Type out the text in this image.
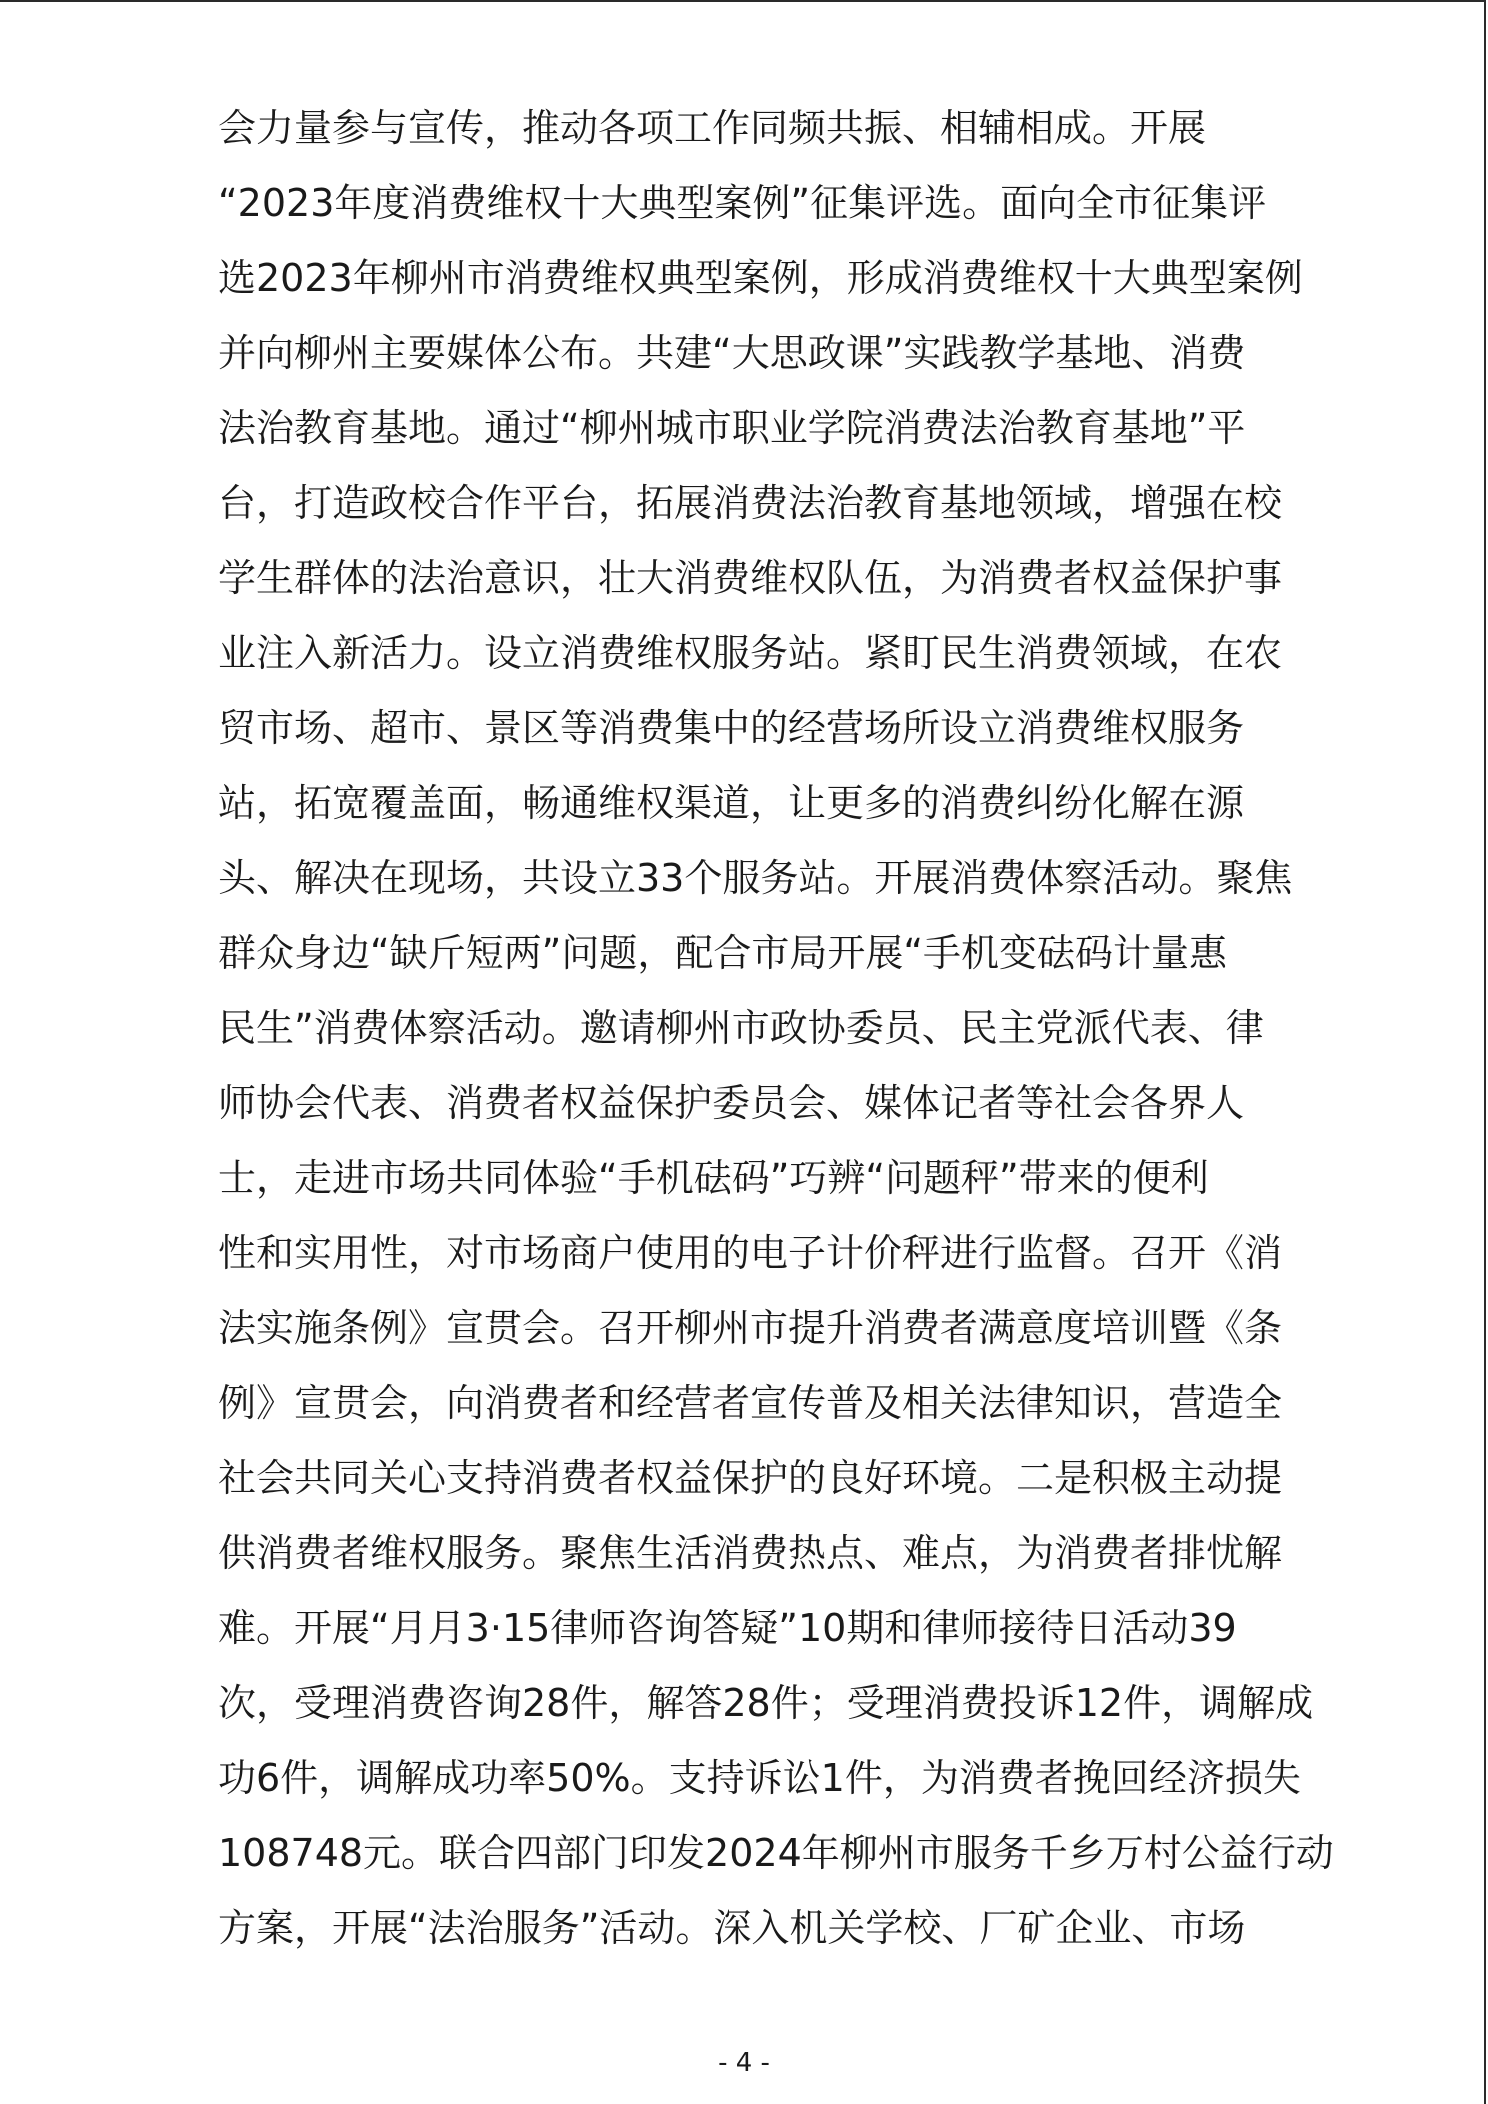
会力量参与宣传，推动各项工作同频共振、相辅相成。开展
“2023年度消费维权十大典型案例”征集评选。面向全市征集评
选2023年柳州市消费维权典型案例，形成消费维权十大典型案例
并向柳州主要媒体公布。共建“大思政课”实践教学基地、消费
法治教育基地。通过“柳州城市职业学院消费法治教育基地”平
台，打造政校合作平台，拓展消费法治教育基地领域，增强在校
学生群体的法治意识，壮大消费维权队伍，为消费者权益保护事
业注入新活力。设立消费维权服务站。紧盯民生消费领域，在农
贸市场、超市、景区等消费集中的经营场所设立消费维权服务
站，拓宽覆盖面，畅通维权渠道，让更多的消费纠纷化解在源
头、解决在现场，共设立33个服务站。开展消费体察活动。聚焦
群众身边“缺斤短两”问题，配合市局开展“手机变砝码计量惠
民生”消费体察活动。邀请柳州市政协委员、民主党派代表、律
师协会代表、消费者权益保护委员会、媒体记者等社会各界人
士，走进市场共同体验“手机砝码”巧辨“问题秤”带来的便利
性和实用性，对市场商户使用的电子计价秤进行监督。召开《消
法实施条例》宣贯会。召开柳州市提升消费者满意度培训暨《条
例》宣贯会，向消费者和经营者宣传普及相关法律知识，营造全
社会共同关心支持消费者权益保护的良好环境。二是积极主动提
供消费者维权服务。聚焦生活消费热点、难点，为消费者排忧解
难。开展“月月3·15律师咨询答疑”10期和律师接待日活动39
次，受理消费咨询28件，解答28件；受理消费投诉12件，调解成
功6件，调解成功率50%。支持诉讼1件，为消费者挽回经济损失
108748元。联合四部门印发2024年柳州市服务千乡万村公益行动
方案，开展“法治服务”活动。深入机关学校、厂矿企业、市场
- 4 -
